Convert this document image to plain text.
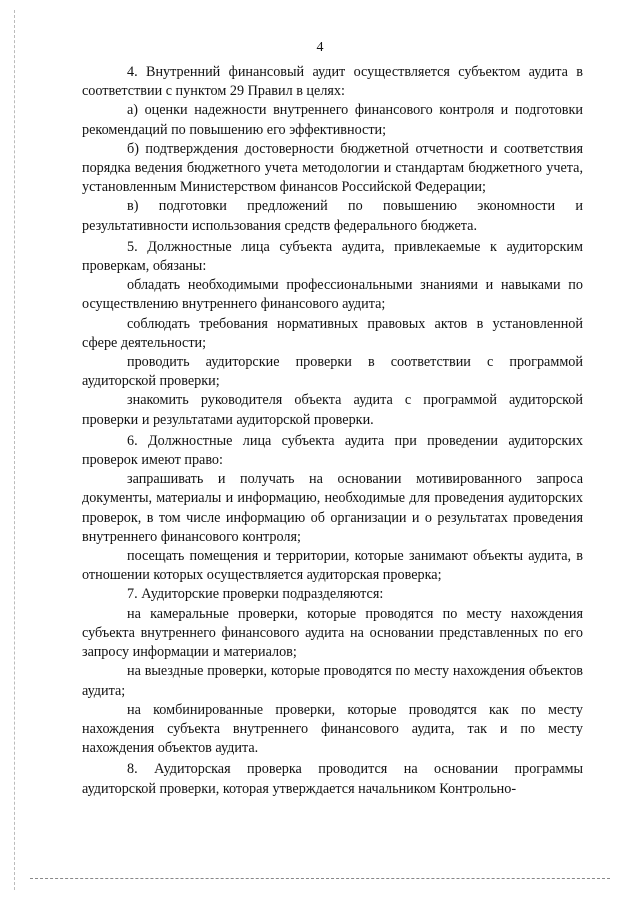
4

4. Внутренний финансовый аудит осуществляется субъектом аудита в соответствии с пунктом 29 Правил в целях:

а) оценки надежности внутреннего финансового контроля и подготовки рекомендаций по повышению его эффективности;

б) подтверждения достоверности бюджетной отчетности и соответствия порядка ведения бюджетного учета методологии и стандартам бюджетного учета, установленным Министерством финансов Российской Федерации;

в) подготовки предложений по повышению экономности и результативности использования средств федерального бюджета.

5. Должностные лица субъекта аудита, привлекаемые к аудиторским проверкам, обязаны:

обладать необходимыми профессиональными знаниями и навыками по осуществлению внутреннего финансового аудита;

соблюдать требования нормативных правовых актов в установленной сфере деятельности;

проводить аудиторские проверки в соответствии с программой аудиторской проверки;

знакомить руководителя объекта аудита с программой аудиторской проверки и результатами аудиторской проверки.

6. Должностные лица субъекта аудита при проведении аудиторских проверок имеют право:

запрашивать и получать на основании мотивированного запроса документы, материалы и информацию, необходимые для проведения аудиторских проверок, в том числе информацию об организации и о результатах проведения внутреннего финансового контроля;

посещать помещения и территории, которые занимают объекты аудита, в отношении которых осуществляется аудиторская проверка;

7. Аудиторские проверки подразделяются:

на камеральные проверки, которые проводятся по месту нахождения субъекта внутреннего финансового аудита на основании представленных по его запросу информации и материалов;

на выездные проверки, которые проводятся по месту нахождения объектов аудита;

на комбинированные проверки, которые проводятся как по месту нахождения субъекта внутреннего финансового аудита, так и по месту нахождения объектов аудита.

8. Аудиторская проверка проводится на основании программы аудиторской проверки, которая утверждается начальником Контрольно-
